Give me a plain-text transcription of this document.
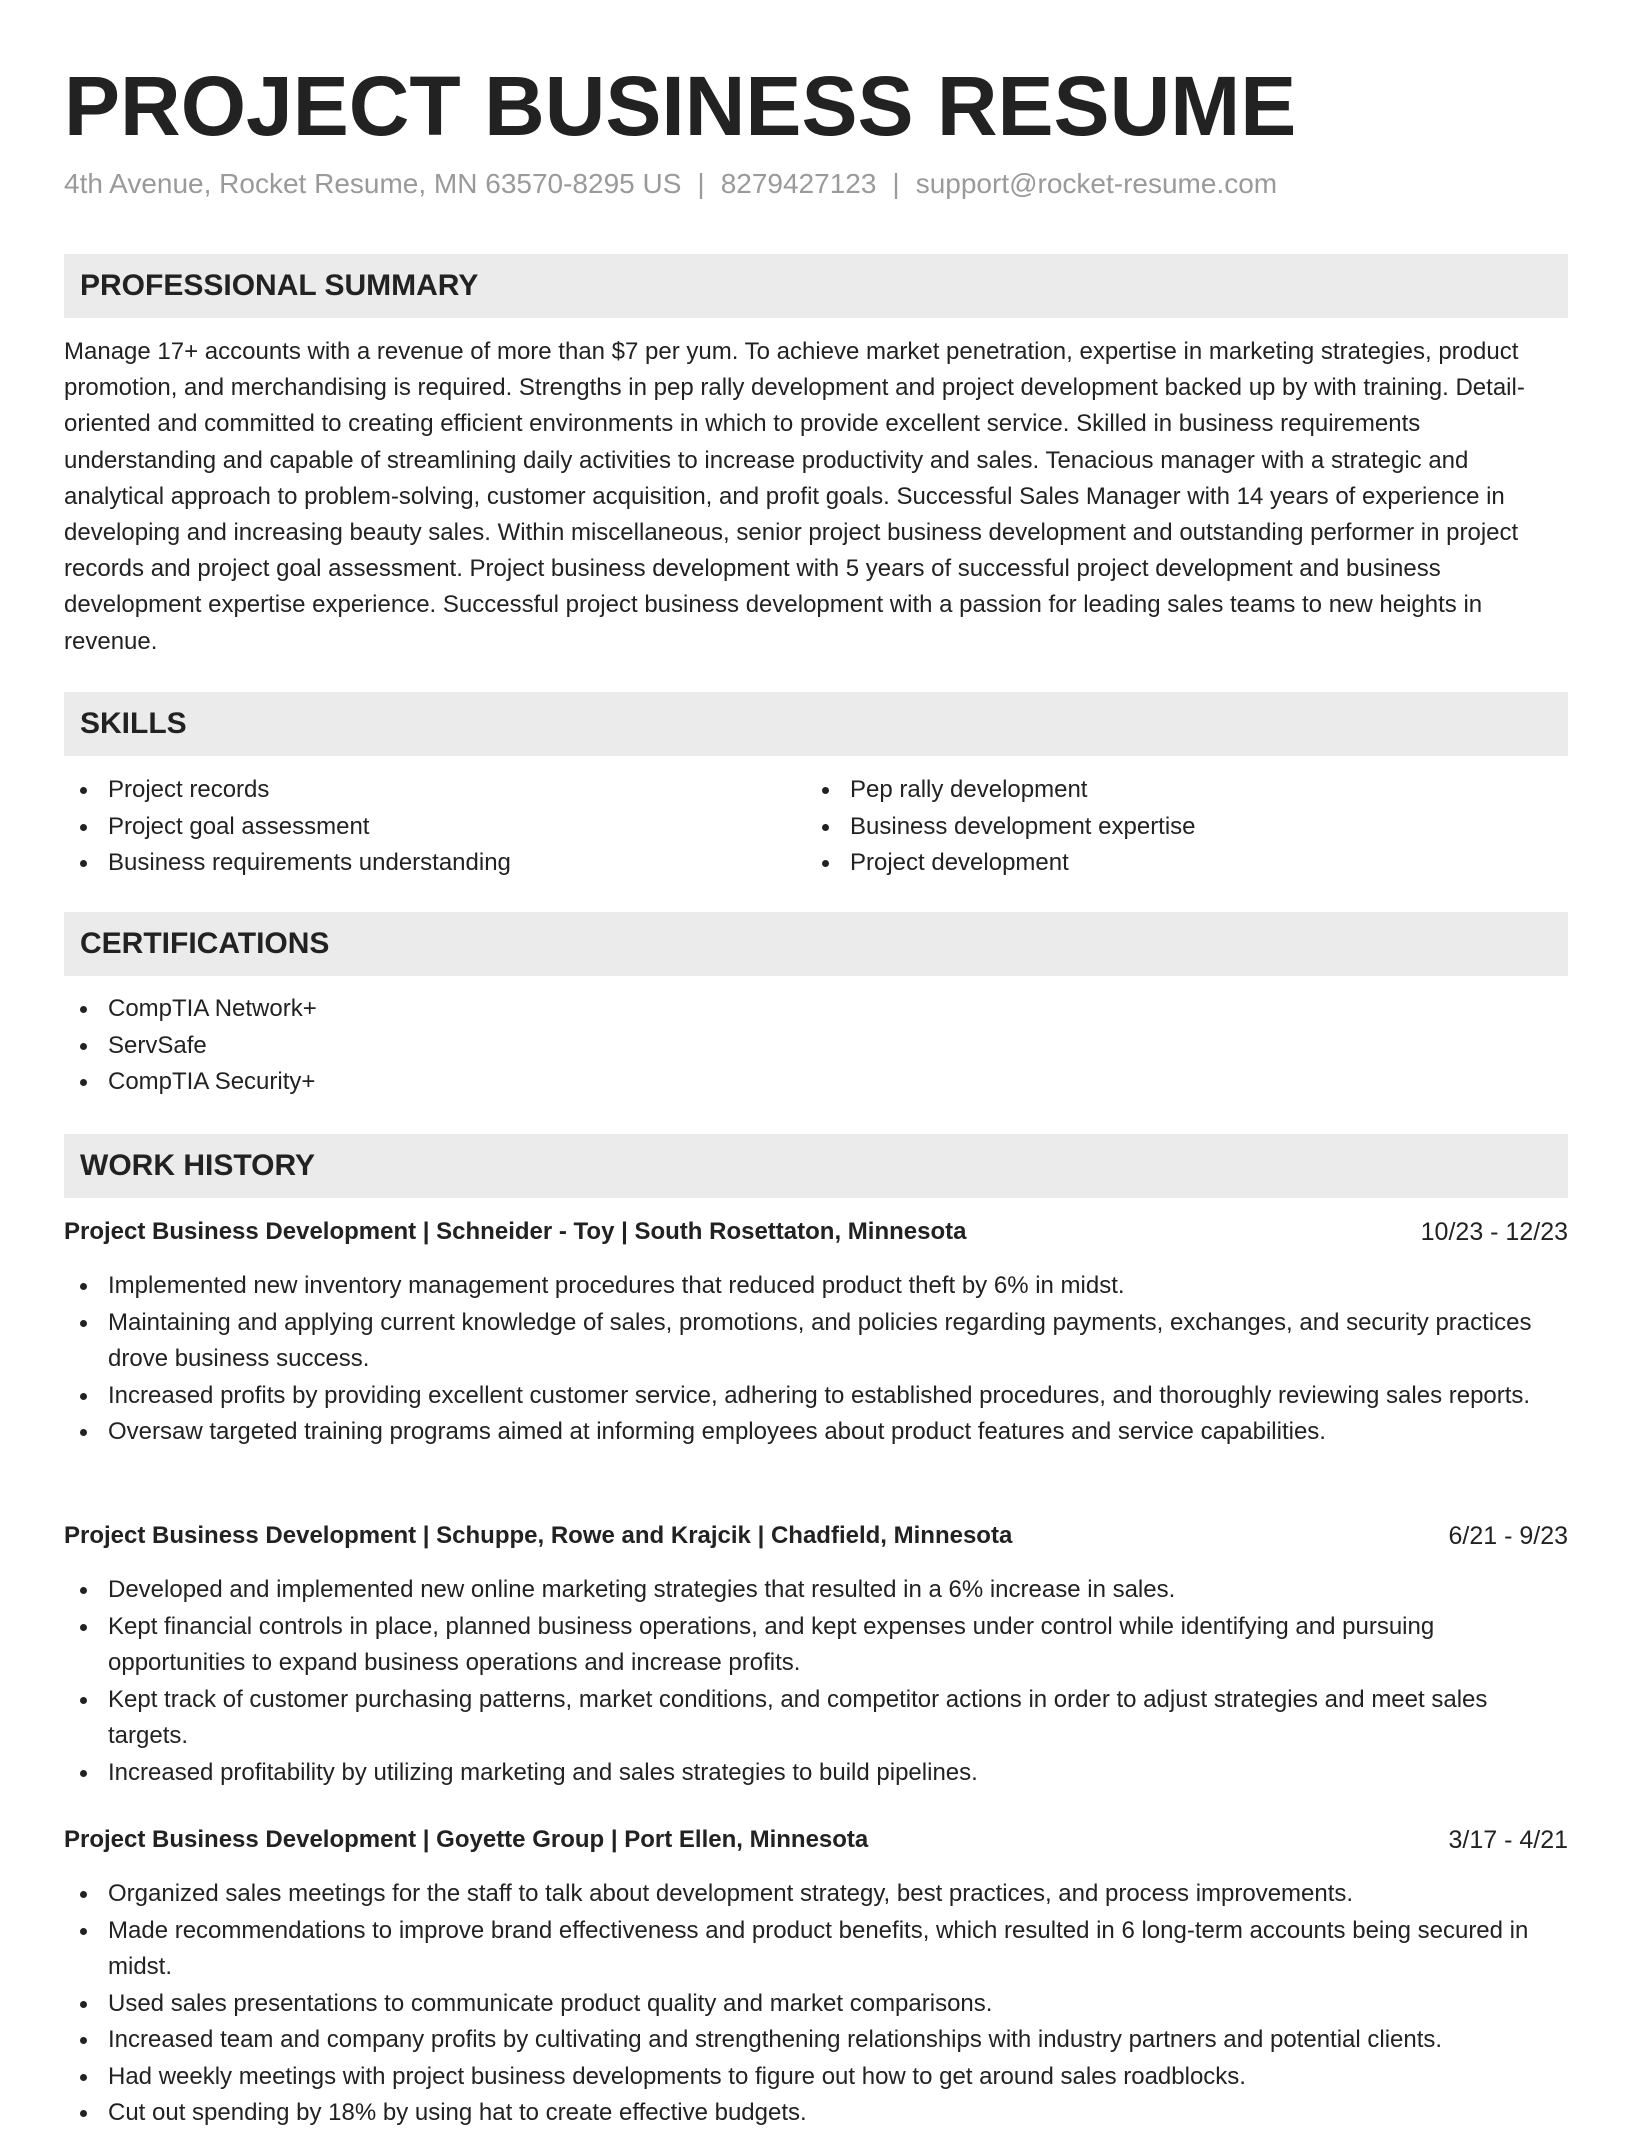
PROJECT BUSINESS RESUME
4th Avenue, Rocket Resume, MN 63570-8295 US | 8279427123 | support@rocket-resume.com
PROFESSIONAL SUMMARY

Manage 17+ accounts with a revenue of more than $7 per yum. To achieve market penetration, expertise in marketing strategies, product promotion, and merchandising is required. Strengths in pep rally development and project development backed up by with training. Detail-oriented and committed to creating efficient environments in which to provide excellent service. Skilled in business requirements understanding and capable of streamlining daily activities to increase productivity and sales. Tenacious manager with a strategic and analytical approach to problem-solving, customer acquisition, and profit goals. Successful Sales Manager with 14 years of experience in developing and increasing beauty sales. Within miscellaneous, senior project business development and outstanding performer in project records and project goal assessment. Project business development with 5 years of successful project development and business development expertise experience. Successful project business development with a passion for leading sales teams to new heights in revenue.

SKILLS
Project records
Project goal assessment
Business requirements understanding
Pep rally development
Business development expertise
Project development
CERTIFICATIONS
CompTIA Network+
ServSafe
CompTIA Security+
WORK HISTORY
Project Business Development | Schneider - Toy | South Rosettaton, Minnesota	10/23 - 12/23
Implemented new inventory management procedures that reduced product theft by 6% in midst.
Maintaining and applying current knowledge of sales, promotions, and policies regarding payments, exchanges, and security practices drove business success.
Increased profits by providing excellent customer service, adhering to established procedures, and thoroughly reviewing sales reports.
Oversaw targeted training programs aimed at informing employees about product features and service capabilities.
Project Business Development | Schuppe, Rowe and Krajcik | Chadfield, Minnesota	6/21 - 9/23
Developed and implemented new online marketing strategies that resulted in a 6% increase in sales.
Kept financial controls in place, planned business operations, and kept expenses under control while identifying and pursuing opportunities to expand business operations and increase profits.
Kept track of customer purchasing patterns, market conditions, and competitor actions in order to adjust strategies and meet sales targets.
Increased profitability by utilizing marketing and sales strategies to build pipelines.
Project Business Development | Goyette Group | Port Ellen, Minnesota	3/17 - 4/21
Organized sales meetings for the staff to talk about development strategy, best practices, and process improvements.
Made recommendations to improve brand effectiveness and product benefits, which resulted in 6 long-term accounts being secured in midst.
Used sales presentations to communicate product quality and market comparisons.
Increased team and company profits by cultivating and strengthening relationships with industry partners and potential clients.
Had weekly meetings with project business developments to figure out how to get around sales roadblocks.
Cut out spending by 18% by using hat to create effective budgets.
